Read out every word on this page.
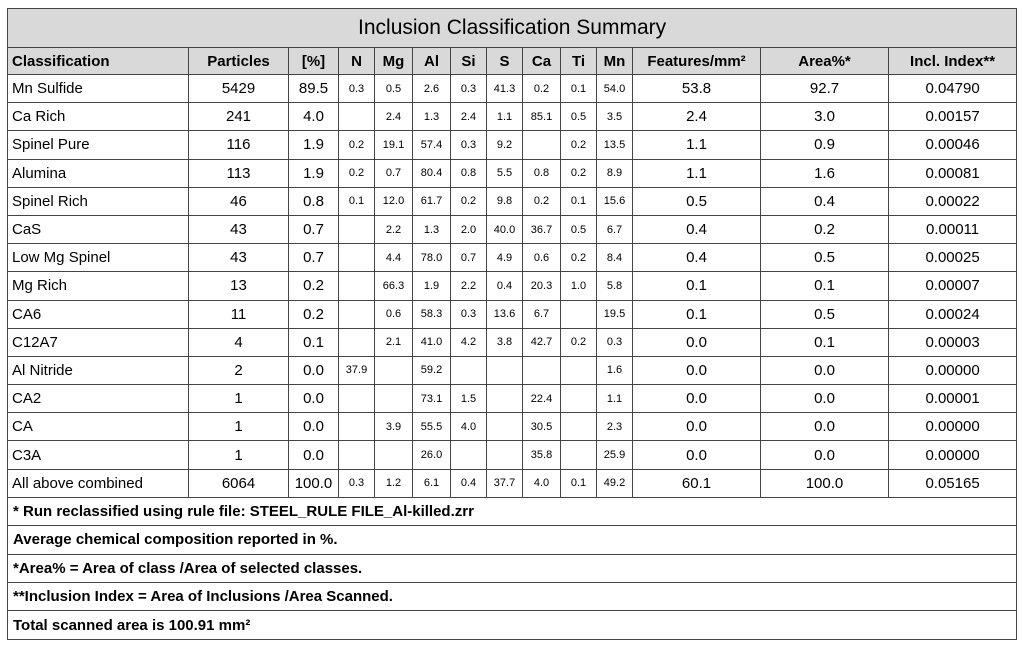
Inclusion Classification Summary													
Classification	Particles	[%]	N	Mg	Al	Si	S	Ca	Ti	Mn	Features/mm²	Area%*	Incl. Index**
Mn Sulfide	5429	89.5	0.3	0.5	2.6	0.3	41.3	0.2	0.1	54.0	53.8	92.7	0.04790
Ca Rich	241	4.0		2.4	1.3	2.4	1.1	85.1	0.5	3.5	2.4	3.0	0.00157
Spinel Pure	116	1.9	0.2	19.1	57.4	0.3	9.2		0.2	13.5	1.1	0.9	0.00046
Alumina	113	1.9	0.2	0.7	80.4	0.8	5.5	0.8	0.2	8.9	1.1	1.6	0.00081
Spinel Rich	46	0.8	0.1	12.0	61.7	0.2	9.8	0.2	0.1	15.6	0.5	0.4	0.00022
CaS	43	0.7		2.2	1.3	2.0	40.0	36.7	0.5	6.7	0.4	0.2	0.00011
Low Mg Spinel	43	0.7		4.4	78.0	0.7	4.9	0.6	0.2	8.4	0.4	0.5	0.00025
Mg Rich	13	0.2		66.3	1.9	2.2	0.4	20.3	1.0	5.8	0.1	0.1	0.00007
CA6	11	0.2		0.6	58.3	0.3	13.6	6.7		19.5	0.1	0.5	0.00024
C12A7	4	0.1		2.1	41.0	4.2	3.8	42.7	0.2	0.3	0.0	0.1	0.00003
Al Nitride	2	0.0	37.9		59.2					1.6	0.0	0.0	0.00000
CA2	1	0.0			73.1	1.5		22.4		1.1	0.0	0.0	0.00001
CA	1	0.0		3.9	55.5	4.0		30.5		2.3	0.0	0.0	0.00000
C3A	1	0.0			26.0			35.8		25.9	0.0	0.0	0.00000
All above combined	6064	100.0	0.3	1.2	6.1	0.4	37.7	4.0	0.1	49.2	60.1	100.0	0.05165
* Run reclassified using rule file: STEEL_RULE FILE_Al-killed.zrr													
Average chemical composition reported in %.													
*Area% = Area of class /Area of selected classes.													
**Inclusion Index = Area of Inclusions /Area Scanned.													
Total scanned area is 100.91 mm²													
